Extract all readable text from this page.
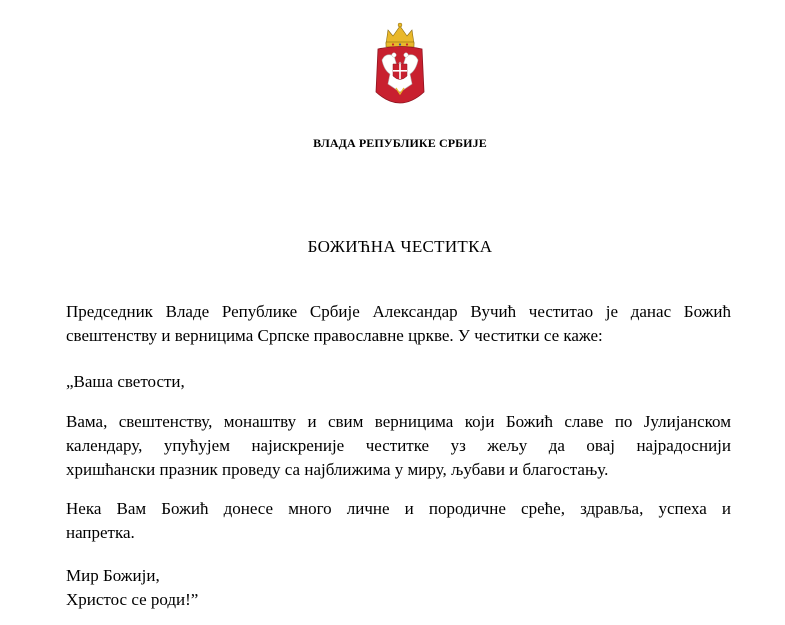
ВЛАДА РЕПУБЛИКЕ СРБИЈЕ
БОЖИЋНА ЧЕСТИТКА
Председник Владе Републике Србије Александар Вучић честитао је данас Божић
свештенству и верницима Српске православне цркве. У честитки се каже:
„Ваша светости,
Вама, свештенству, монаштву и свим верницима који Божић славе по Јулијанском
календару, упућујем најискреније честитке уз жељу да овај најрадоснији
хришћански празник проведу са најближима у миру, љубави и благостању.
Нека Вам Божић донесе много личне и породичне среће, здравља, успеха и
напретка.
Мир Божији,
Христос се роди!”
